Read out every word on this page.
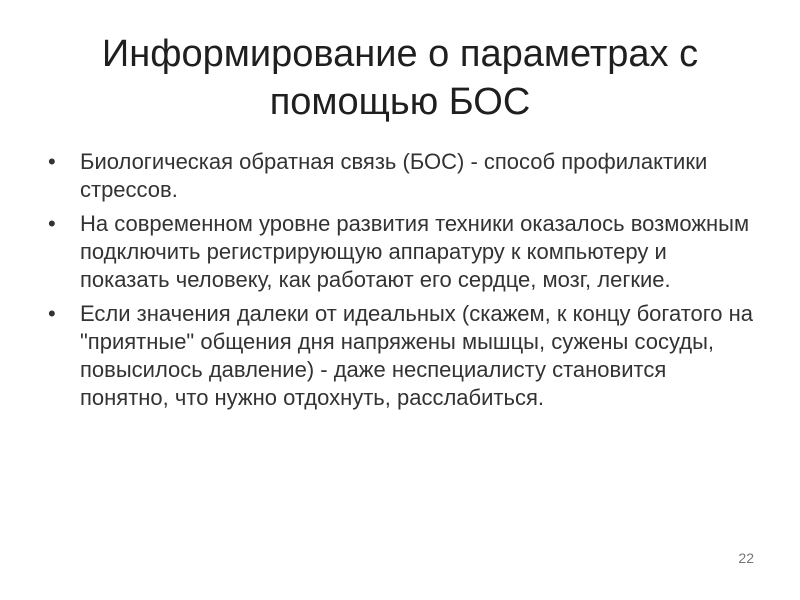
Информирование о параметрах с помощью БОС
• Биологическая обратная связь (БОС) - способ профилактики стрессов.
• На современном уровне развития техники оказалось возможным подключить регистрирующую аппаратуру к компьютеру и показать человеку, как работают его сердце, мозг, легкие.
• Если значения далеки от идеальных (скажем, к концу богатого на "приятные" общения дня напряжены мышцы, сужены сосуды, повысилось давление) - даже неспециалисту становится понятно, что нужно отдохнуть, расслабиться.
22
